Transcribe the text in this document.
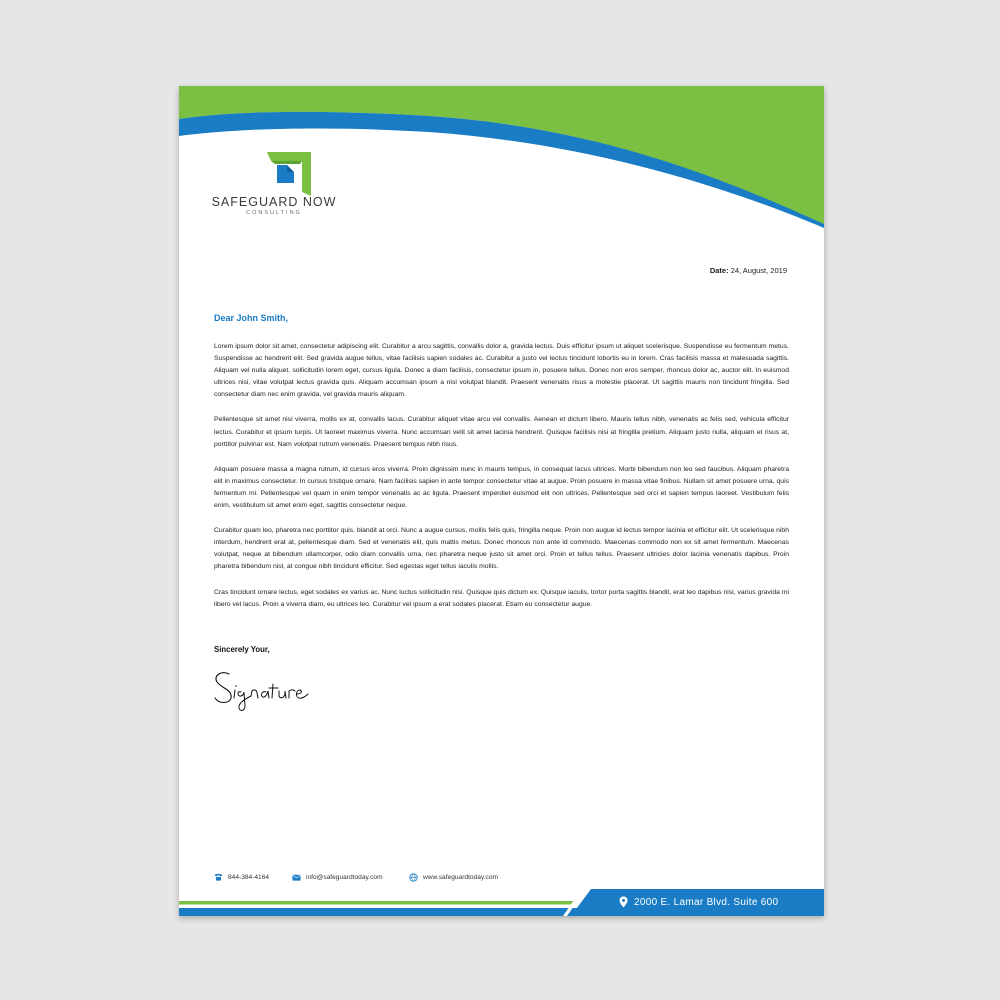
SAFEGUARD NOW
CONSULTING
Date: 24, August, 2019
Dear John Smith,

Lorem ipsum dolor sit amet, consectetur adipiscing elit. Curabitur a arcu sagittis, convallis dolor a, gravida lectus. Duis efficitur ipsum ut aliquet scelerisque. Suspendisse eu fermentum metus. Suspendisse ac hendrerit elit. Sed gravida augue tellus, vitae facilisis sapien sodales ac. Curabitur a justo vel lectus tincidunt lobortis eu in lorem. Cras facilisis massa et malesuada sagittis. Aliquam vel nulla aliquet, sollicitudin lorem eget, cursus ligula. Donec a diam facilisis, consectetur ipsum in, posuere tellus. Donec non eros semper, rhoncus dolor ac, auctor elit. In euismod ultrices nisi, vitae volutpat lectus gravida quis. Aliquam accumsan ipsum a nisl volutpat blandit. Praesent venenatis risus a molestie placerat. Ut sagittis mauris non tincidunt fringilla. Sed consectetur diam nec enim gravida, vel gravida mauris aliquam.

Pellentesque sit amet nisi viverra, mollis ex at, convallis lacus. Curabitur aliquet vitae arcu vel convallis. Aenean et dictum libero. Mauris tellus nibh, venenatis ac felis sed, vehicula efficitur lectus. Curabitur et ipsum turpis. Ut laoreet maximus viverra. Nunc accumsan velit sit amet lacinia hendrerit. Quisque facilisis nisi at fringilla pretium. Aliquam justo nulla, aliquam et risus at, porttitor pulvinar est. Nam volutpat rutrum venenatis. Praesent tempus nibh risus.

Aliquam posuere massa a magna rutrum, id cursus eros viverra. Proin dignissim nunc in mauris tempus, in consequat lacus ultrices. Morbi bibendum non leo sed faucibus. Aliquam pharetra elit in maximus consectetur. In cursus tristique ornare. Nam facilisis sapien in ante tempor consectetur vitae at augue. Proin posuere in massa vitae finibus. Nullam sit amet posuere urna, quis fermentum mi. Pellentesque vel quam in enim tempor venenatis ac ac ligula. Praesent imperdiet euismod elit non ultrices. Pellentesque sed orci et sapien tempus laoreet. Vestibulum felis enim, vestibulum sit amet enim eget, sagittis consectetur neque.

Curabitur quam leo, pharetra nec porttitor quis, blandit at orci. Nunc a augue cursus, mollis felis quis, fringilla neque. Proin non augue id lectus tempor lacinia et efficitur elit. Ut scelerisque nibh interdum, hendrerit erat at, pellentesque diam. Sed et venenatis elit, quis mattis metus. Donec rhoncus non ante id commodo. Maecenas commodo non ex sit amet fermentum. Maecenas volutpat, neque at bibendum ullamcorper, odio diam convallis urna, nec pharetra neque justo sit amet orci. Proin et tellus tellus. Praesent ultricies dolor lacinia venenatis dapibus. Proin pharetra bibendum nisl, at congue nibh tincidunt efficitur. Sed egestas eget tellus iaculis mollis.

Cras tincidunt ornare lectus, eget sodales ex varius ac. Nunc luctus sollicitudin nisi. Quisque quis dictum ex. Quisque iaculis, tortor porta sagittis blandit, erat leo dapibus nisi, varius gravida mi libero vel lacus. Proin a viverra diam, eu ultrices leo. Curabitur vel ipsum a erat sodales placerat. Etiam eu consectetur augue.

Sincerely Your,
844-384-4164	info@safeguardtoday.com	www.safeguardtoday.com
2000 E. Lamar Blvd. Suite 600
